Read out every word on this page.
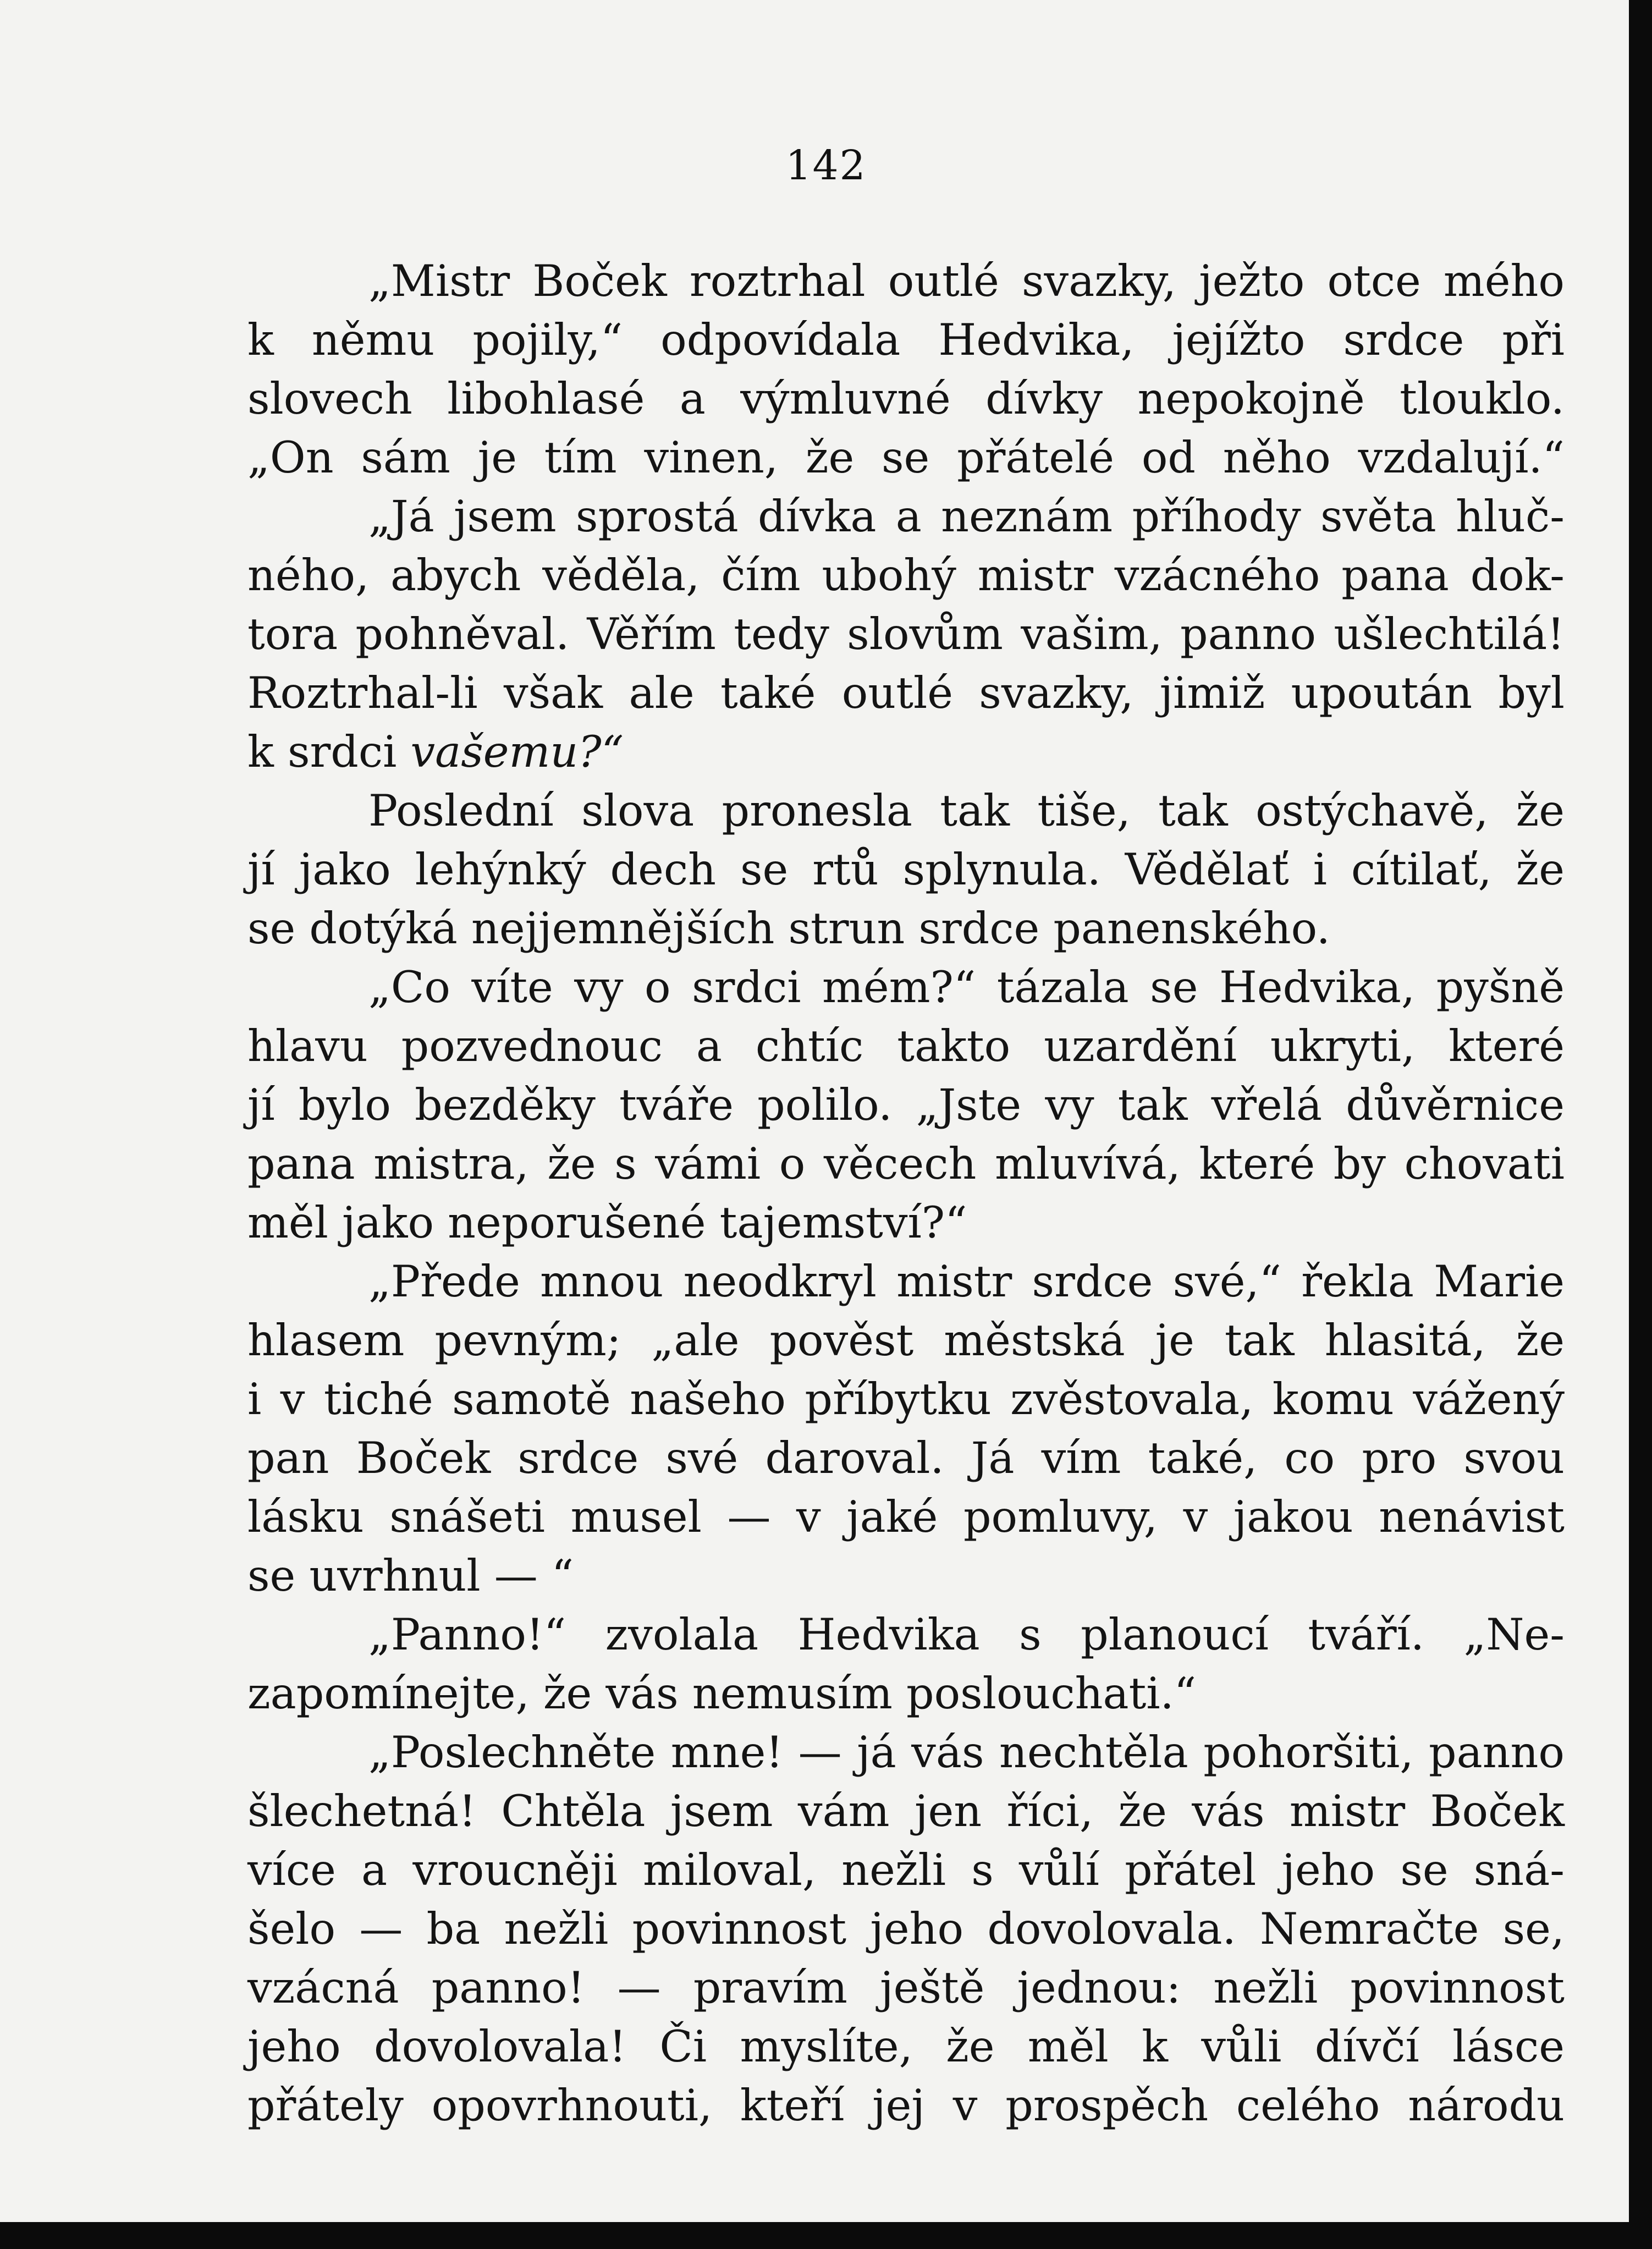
142
„Mistr Boček roztrhal outlé svazky, ježto otce mého
k němu pojily,“ odpovídala Hedvika, jejížto srdce při
slovech libohlasé a výmluvné dívky nepokojně tlouklo.
„On sám je tím vinen, že se přátelé od něho vzdalují.“
„Já jsem sprostá dívka a neznám příhody světa hluč-
ného, abych věděla, čím ubohý mistr vzácného pana dok-
tora pohněval. Věřím tedy slovům vašim, panno ušlechtilá!
Roztrhal-li však ale také outlé svazky, jimiž upoután byl
k srdci vašemu?“
Poslední slova pronesla tak tiše, tak ostýchavě, že
jí jako lehýnký dech se rtů splynula. Vědělať i cítilať, že
se dotýká nejjemnějších strun srdce panenského.
„Co víte vy o srdci mém?“ tázala se Hedvika, pyšně
hlavu pozvednouc a chtíc takto uzardění ukryti, které
jí bylo bezděky tváře polilo. „Jste vy tak vřelá důvěrnice
pana mistra, že s vámi o věcech mluvívá, které by chovati
měl jako neporušené tajemství?“
„Přede mnou neodkryl mistr srdce své,“ řekla Marie
hlasem pevným; „ale pověst městská je tak hlasitá, že
i v tiché samotě našeho příbytku zvěstovala, komu vážený
pan Boček srdce své daroval. Já vím také, co pro svou
lásku snášeti musel — v jaké pomluvy, v jakou nenávist
se uvrhnul — “
„Panno!“ zvolala Hedvika s planoucí tváří. „Ne-
zapomínejte, že vás nemusím poslouchati.“
„Poslechněte mne! — já vás nechtěla pohoršiti, panno
šlechetná! Chtěla jsem vám jen říci, že vás mistr Boček
více a vroucněji miloval, nežli s vůlí přátel jeho se sná-
šelo — ba nežli povinnost jeho dovolovala. Nemračte se,
vzácná panno! — pravím ještě jednou: nežli povinnost
jeho dovolovala! Či myslíte, že měl k vůli dívčí lásce
přátely opovrhnouti, kteří jej v prospěch celého národu
